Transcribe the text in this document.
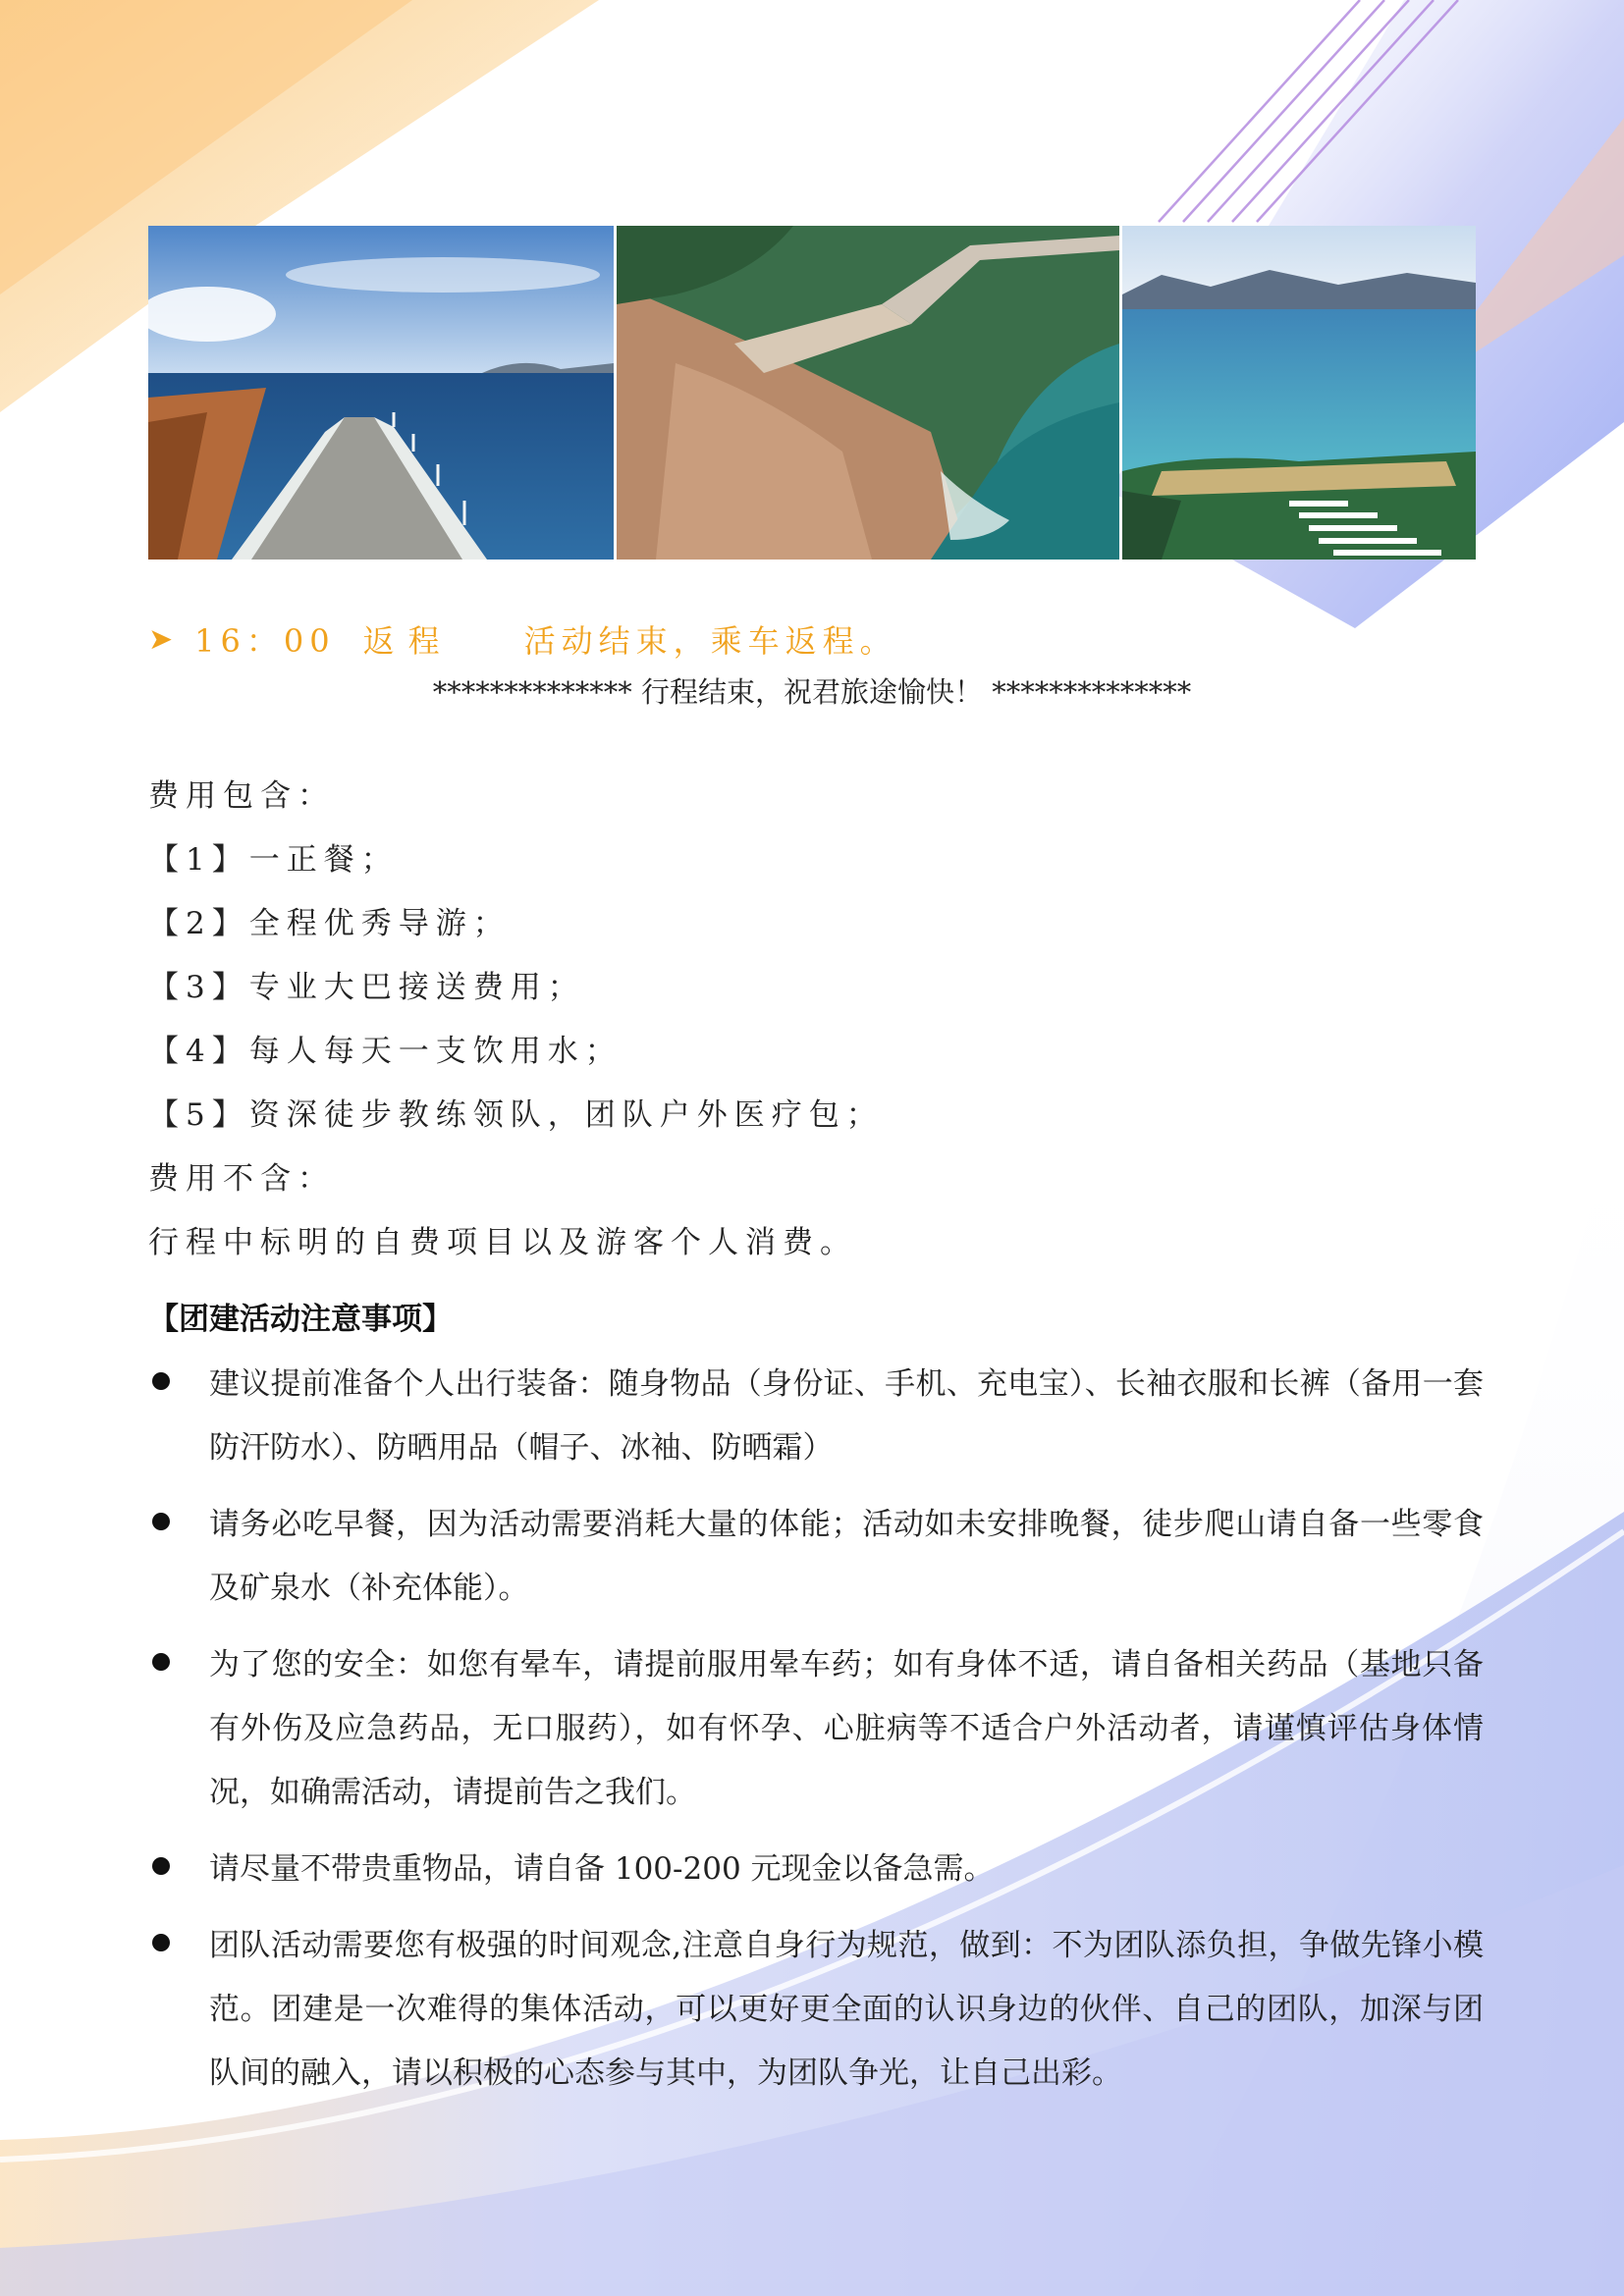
➤ 16：00 返程 活动结束，乘车返程。
************** 行程结束，祝君旅途愉快！ **************
费用包含：
【1】一正餐；
【2】全程优秀导游；
【3】专业大巴接送费用；
【4】每人每天一支饮用水；
【5】资深徒步教练领队，团队户外医疗包；
费用不含：
行程中标明的自费项目以及游客个人消费。
【团建活动注意事项】
建议提前准备个人出行装备：随身物品（身份证、手机、充电宝）、长袖衣服和长裤（备用一套防汗防水）、防晒用品（帽子、冰袖、防晒霜）
请务必吃早餐，因为活动需要消耗大量的体能；活动如未安排晚餐，徒步爬山请自备一些零食及矿泉水（补充体能）。
为了您的安全：如您有晕车，请提前服用晕车药；如有身体不适，请自备相关药品（基地只备有外伤及应急药品，无口服药），如有怀孕、心脏病等不适合户外活动者，请谨慎评估身体情况，如确需活动，请提前告之我们。
请尽量不带贵重物品，请自备 100-200 元现金以备急需。
团队活动需要您有极强的时间观念,注意自身行为规范，做到：不为团队添负担，争做先锋小模范。团建是一次难得的集体活动，可以更好更全面的认识身边的伙伴、自己的团队，加深与团队间的融入，请以积极的心态参与其中，为团队争光，让自己出彩。
